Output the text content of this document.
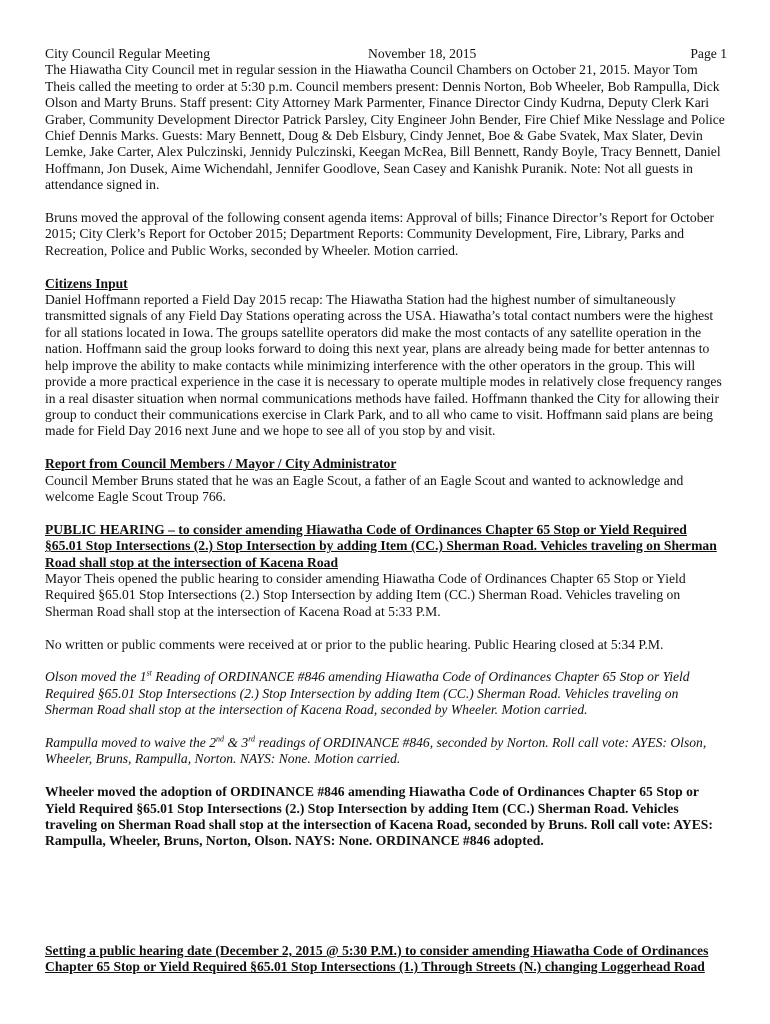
City Council Regular Meeting	November 18, 2015	Page 1

The Hiawatha City Council met in regular session in the Hiawatha Council Chambers on October 21, 2015. Mayor Tom Theis called the meeting to order at 5:30 p.m. Council members present: Dennis Norton, Bob Wheeler, Bob Rampulla, Dick Olson and Marty Bruns. Staff present: City Attorney Mark Parmenter, Finance Director Cindy Kudrna, Deputy Clerk Kari Graber, Community Development Director Patrick Parsley, City Engineer John Bender, Fire Chief Mike Nesslage and Police Chief Dennis Marks. Guests: Mary Bennett, Doug & Deb Elsbury, Cindy Jennet, Boe & Gabe Svatek, Max Slater, Devin Lemke, Jake Carter, Alex Pulczinski, Jennidy Pulczinski, Keegan McRea, Bill Bennett, Randy Boyle, Tracy Bennett, Daniel Hoffmann, Jon Dusek, Aime Wichendahl, Jennifer Goodlove, Sean Casey and Kanishk Puranik. Note: Not all guests in attendance signed in.

Bruns moved the approval of the following consent agenda items: Approval of bills; Finance Director’s Report for October 2015; City Clerk’s Report for October 2015; Department Reports: Community Development, Fire, Library, Parks and Recreation, Police and Public Works, seconded by Wheeler. Motion carried.

Citizens Input

Daniel Hoffmann reported a Field Day 2015 recap: The Hiawatha Station had the highest number of simultaneously transmitted signals of any Field Day Stations operating across the USA. Hiawatha’s total contact numbers were the highest for all stations located in Iowa. The groups satellite operators did make the most contacts of any satellite operation in the nation. Hoffmann said the group looks forward to doing this next year, plans are already being made for better antennas to help improve the ability to make contacts while minimizing interference with the other operators in the group. This will provide a more practical experience in the case it is necessary to operate multiple modes in relatively close frequency ranges in a real disaster situation when normal communications methods have failed. Hoffmann thanked the City for allowing their group to conduct their communications exercise in Clark Park, and to all who came to visit. Hoffmann said plans are being made for Field Day 2016 next June and we hope to see all of you stop by and visit.

Report from Council Members / Mayor / City Administrator

Council Member Bruns stated that he was an Eagle Scout, a father of an Eagle Scout and wanted to acknowledge and welcome Eagle Scout Troup 766.

PUBLIC HEARING – to consider amending Hiawatha Code of Ordinances Chapter 65 Stop or Yield Required §65.01 Stop Intersections (2.) Stop Intersection by adding Item (CC.) Sherman Road. Vehicles traveling on Sherman Road shall stop at the intersection of Kacena Road

Mayor Theis opened the public hearing to consider amending Hiawatha Code of Ordinances Chapter 65 Stop or Yield Required §65.01 Stop Intersections (2.) Stop Intersection by adding Item (CC.) Sherman Road. Vehicles traveling on Sherman Road shall stop at the intersection of Kacena Road at 5:33 P.M.

No written or public comments were received at or prior to the public hearing. Public Hearing closed at 5:34 P.M.

Olson moved the 1st Reading of ORDINANCE #846 amending Hiawatha Code of Ordinances Chapter 65 Stop or Yield Required §65.01 Stop Intersections (2.) Stop Intersection by adding Item (CC.) Sherman Road. Vehicles traveling on Sherman Road shall stop at the intersection of Kacena Road, seconded by Wheeler. Motion carried.

Rampulla moved to waive the 2nd & 3rd readings of ORDINANCE #846, seconded by Norton. Roll call vote: AYES: Olson, Wheeler, Bruns, Rampulla, Norton. NAYS: None. Motion carried.

Wheeler moved the adoption of ORDINANCE #846 amending Hiawatha Code of Ordinances Chapter 65 Stop or Yield Required §65.01 Stop Intersections (2.) Stop Intersection by adding Item (CC.) Sherman Road. Vehicles traveling on Sherman Road shall stop at the intersection of Kacena Road, seconded by Bruns. Roll call vote: AYES: Rampulla, Wheeler, Bruns, Norton, Olson. NAYS: None. ORDINANCE #846 adopted.

Setting a public hearing date (December 2, 2015 @ 5:30 P.M.) to consider amending Hiawatha Code of Ordinances Chapter 65 Stop or Yield Required §65.01 Stop Intersections (1.) Through Streets (N.) changing Loggerhead Road
